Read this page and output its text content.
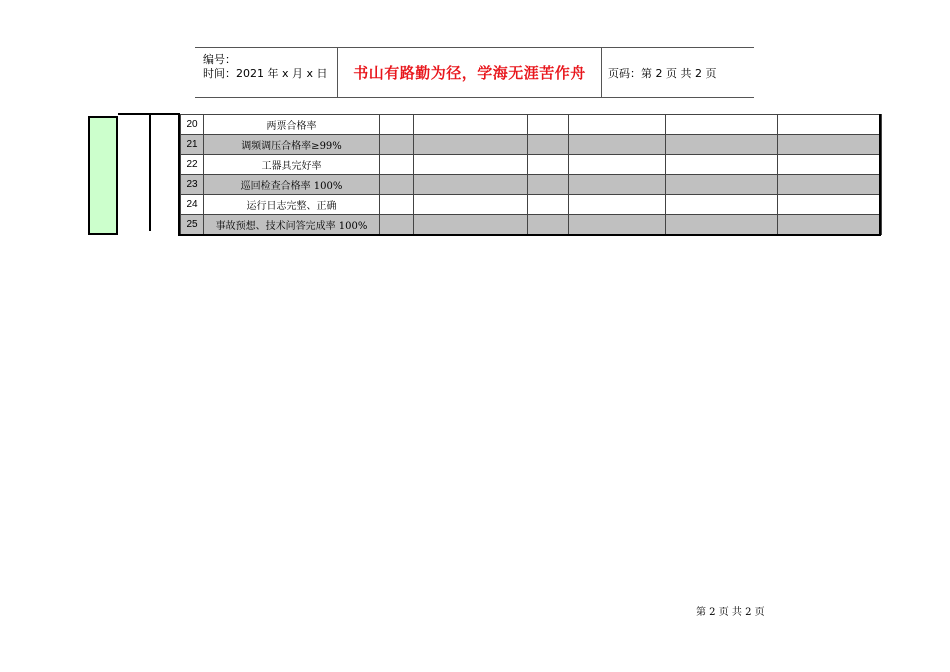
编号：
时间：2021 年 x 月 x 日 书山有路勤为径，学海无涯苦作舟 页码：第 2 页 共 2 页
20	两票合格率						
21	调频调压合格率≥99%						
22	工器具完好率						
23	巡回检查合格率 100%						
24	运行日志完整、正确						
25	事故预想、技术问答完成率 100%						
第 2 页 共 2 页
